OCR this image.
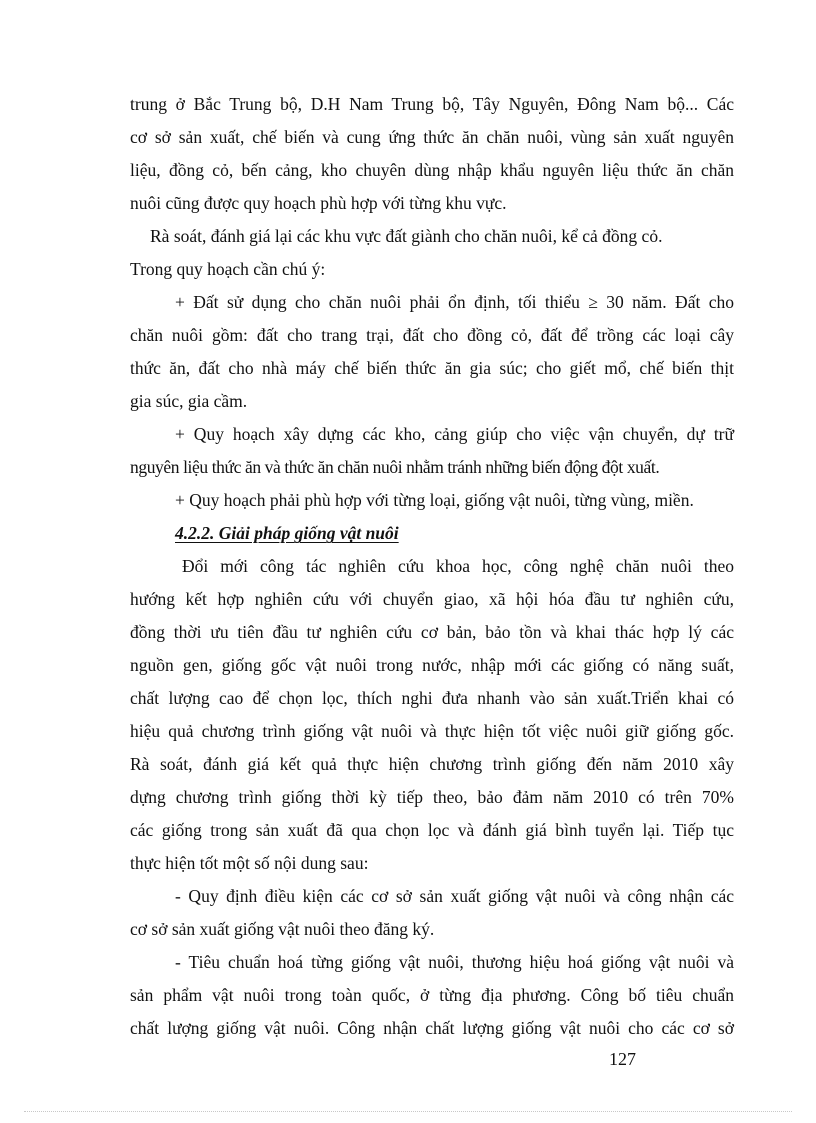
trung ở Bắc Trung bộ, D.H Nam Trung bộ, Tây Nguyên, Đông Nam bộ... Các
cơ sở sản xuất, chế biến và cung ứng thức ăn chăn nuôi, vùng sản xuất nguyên
liệu, đồng cỏ, bến cảng, kho chuyên dùng nhập khẩu nguyên liệu thức ăn chăn
nuôi cũng được quy hoạch phù hợp với từng khu vực.
Rà soát, đánh giá lại các khu vực đất giành cho chăn nuôi, kể cả đồng cỏ.
Trong quy hoạch cần chú ý:
+ Đất sử dụng cho chăn nuôi phải ổn định, tối thiểu ≥ 30 năm. Đất cho
chăn nuôi gồm: đất cho trang trại, đất cho đồng cỏ, đất để trồng các loại cây
thức ăn, đất cho nhà máy chế biến thức ăn gia súc; cho giết mổ, chế biến thịt
gia súc, gia cầm.
+ Quy hoạch xây dựng các kho, cảng giúp cho việc vận chuyển, dự trữ
nguyên liệu thức ăn và thức ăn chăn nuôi nhằm tránh những biến động đột xuất.
+ Quy hoạch phải phù hợp với từng loại, giống vật nuôi, từng vùng, miền.
4.2.2. Giải pháp giống vật nuôi
Đổi mới công tác nghiên cứu khoa học, công nghệ chăn nuôi theo
hướng kết hợp nghiên cứu với chuyển giao, xã hội hóa đầu tư nghiên cứu,
đồng thời ưu tiên đầu tư nghiên cứu cơ bản, bảo tồn và khai thác hợp lý các
nguồn gen, giống gốc vật nuôi trong nước, nhập mới các giống có năng suất,
chất lượng cao để chọn lọc, thích nghi đưa nhanh vào sản xuất.Triển khai có
hiệu quả chương trình giống vật nuôi và thực hiện tốt việc nuôi giữ giống gốc.
Rà soát, đánh giá kết quả thực hiện chương trình giống đến năm 2010 xây
dựng chương trình giống thời kỳ tiếp theo, bảo đảm năm 2010 có trên 70%
các giống trong sản xuất đã qua chọn lọc và đánh giá bình tuyển lại. Tiếp tục
thực hiện tốt một số nội dung sau:
- Quy định điều kiện các cơ sở sản xuất giống vật nuôi và công nhận các
cơ sở sản xuất giống vật nuôi theo đăng ký.
- Tiêu chuẩn hoá từng giống vật nuôi, thương hiệu hoá giống vật nuôi và
sản phẩm vật nuôi trong toàn quốc, ở từng địa phương. Công bố tiêu chuẩn
chất lượng giống vật nuôi. Công nhận chất lượng giống vật nuôi cho các cơ sở
127
